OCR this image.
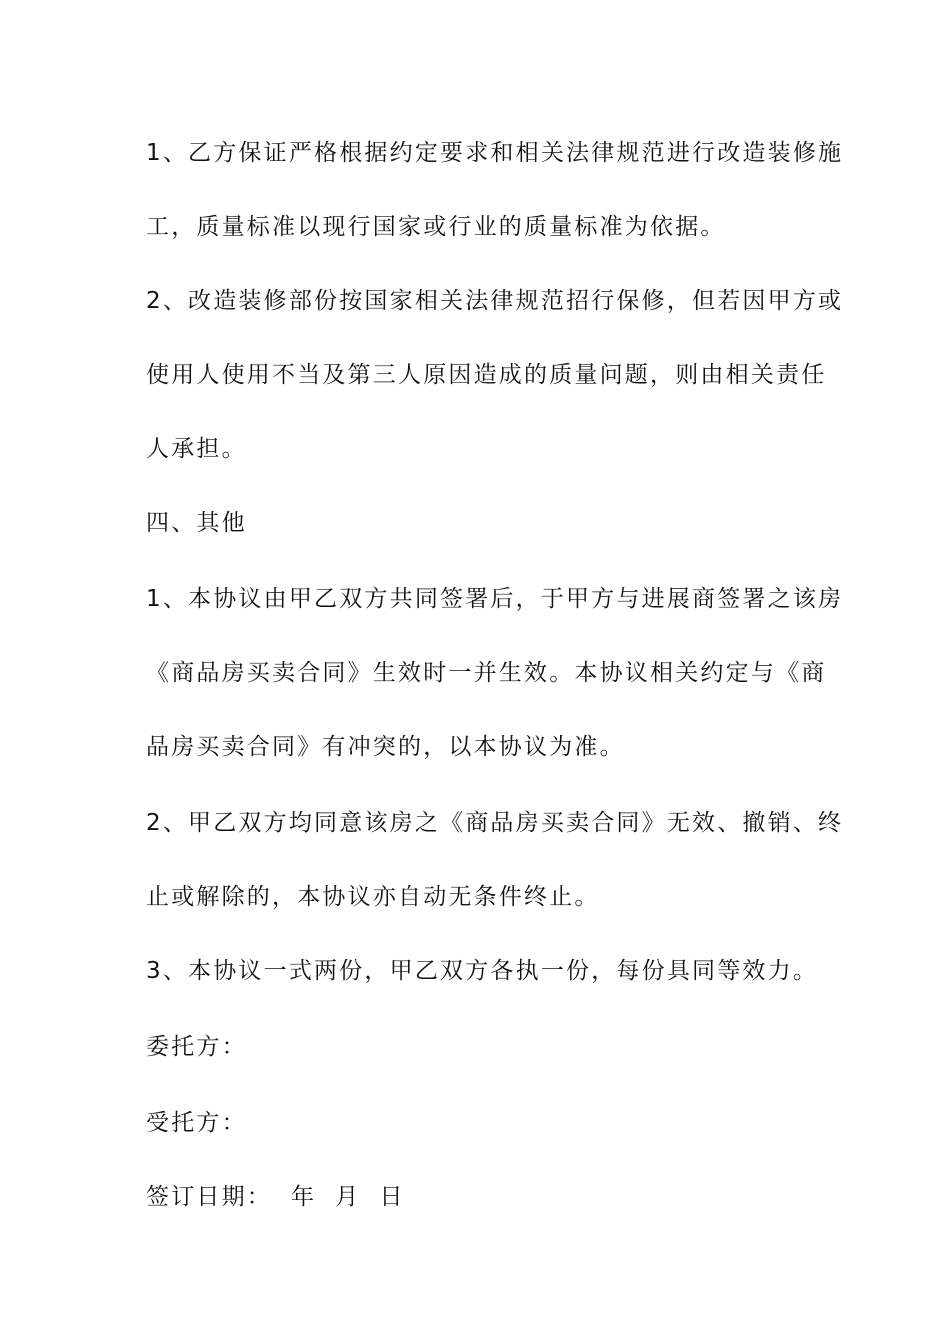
1、乙方保证严格根据约定要求和相关法律规范进行改造装修施
工，质量标准以现行国家或行业的质量标准为依据。
2、改造装修部份按国家相关法律规范招行保修，但若因甲方或
使用人使用不当及第三人原因造成的质量问题，则由相关责任
人承担。
四、其他
1、本协议由甲乙双方共同签署后，于甲方与进展商签署之该房
《商品房买卖合同》生效时一并生效。本协议相关约定与《商
品房买卖合同》有冲突的，以本协议为准。
2、甲乙双方均同意该房之《商品房买卖合同》无效、撤销、终
止或解除的，本协议亦自动无条件终止。
3、本协议一式两份，甲乙双方各执一份，每份具同等效力。
委托方：
受托方：
签订日期：  年  月  日
